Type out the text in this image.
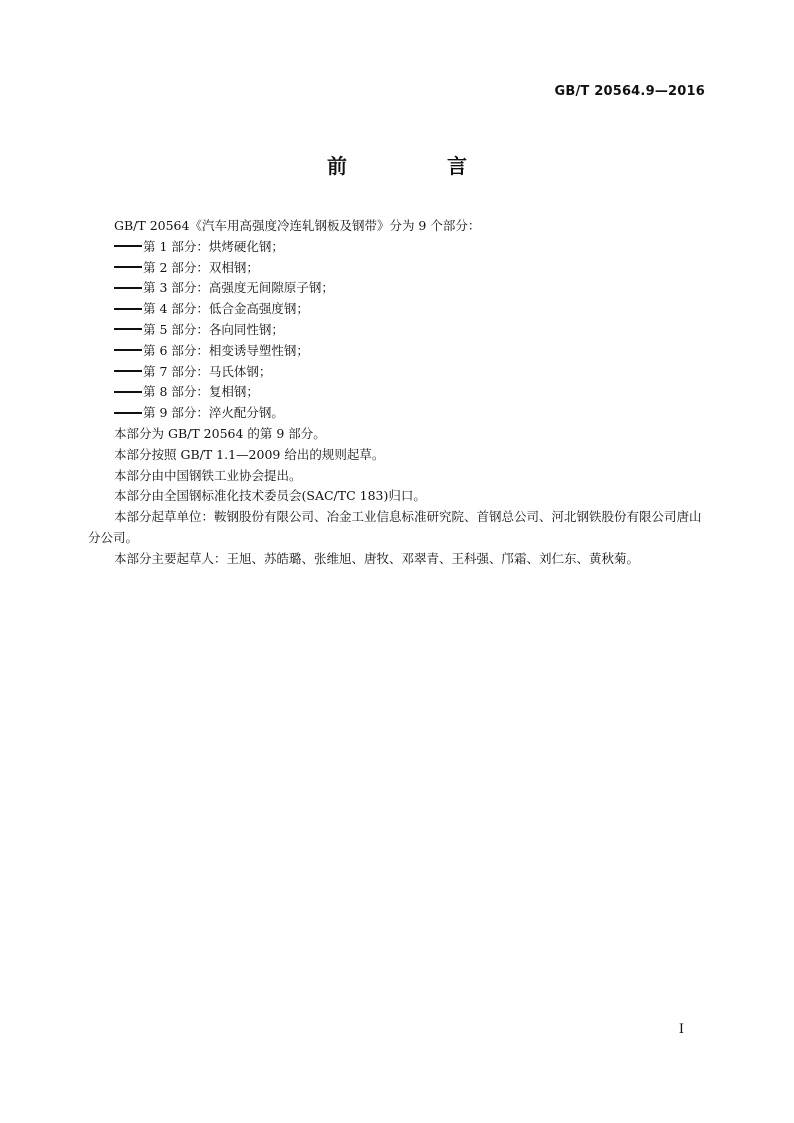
GB/T 20564.9—2016
前　言

GB/T 20564《汽车用高强度冷连轧钢板及钢带》分为 9 个部分：

第 1 部分：烘烤硬化钢；

第 2 部分：双相钢；

第 3 部分：高强度无间隙原子钢；

第 4 部分：低合金高强度钢；

第 5 部分：各向同性钢；

第 6 部分：相变诱导塑性钢；

第 7 部分：马氏体钢；

第 8 部分：复相钢；

第 9 部分：淬火配分钢。

本部分为 GB/T 20564 的第 9 部分。

本部分按照 GB/T 1.1—2009 给出的规则起草。

本部分由中国钢铁工业协会提出。

本部分由全国钢标准化技术委员会(SAC/TC 183)归口。

本部分起草单位：鞍钢股份有限公司、冶金工业信息标准研究院、首钢总公司、河北钢铁股份有限公司唐山分公司。

本部分主要起草人：王旭、苏皓璐、张维旭、唐牧、邓翠青、王科强、邝霜、刘仁东、黄秋菊。

I
